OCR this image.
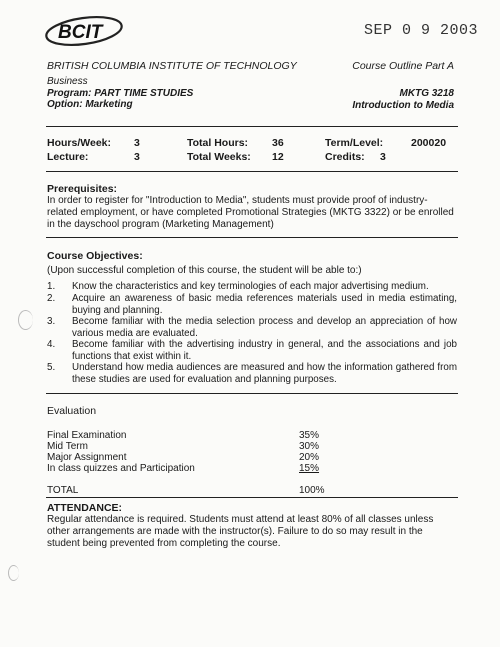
BCIT	SEP 0 9 2003
BRITISH COLUMBIA INSTITUTE OF TECHNOLOGY	Course Outline Part A
Business
Program: PART TIME STUDIES
Option: Marketing
MKTG 3218
Introduction to Media
Hours/Week: 3	Total Hours: 36	Term/Level:	200020
Lecture:	3	Total Weeks: 12	Credits: 3
Prerequisites:
In order to register for "Introduction to Media", students must provide proof of industry-related employment, or have completed Promotional Strategies (MKTG 3322) or be enrolled in the dayschool program (Marketing Management)
Course Objectives:
(Upon successful completion of this course, the student will be able to:)
1. Know the characteristics and key terminologies of each major advertising medium.
2. Acquire an awareness of basic media references materials used in media estimating, buying and planning.
3. Become familiar with the media selection process and develop an appreciation of how various media are evaluated.
4. Become familiar with the advertising industry in general, and the associations and job functions that exist within it.
5. Understand how media audiences are measured and how the information gathered from these studies are used for evaluation and planning purposes.
Evaluation
Final Examination	35%
Mid Term	30%
Major Assignment	20%
In class quizzes and Participation	15%
TOTAL	100%
ATTENDANCE:
Regular attendance is required. Students must attend at least 80% of all classes unless other arrangements are made with the instructor(s). Failure to do so may result in the student being prevented from completing the course.
